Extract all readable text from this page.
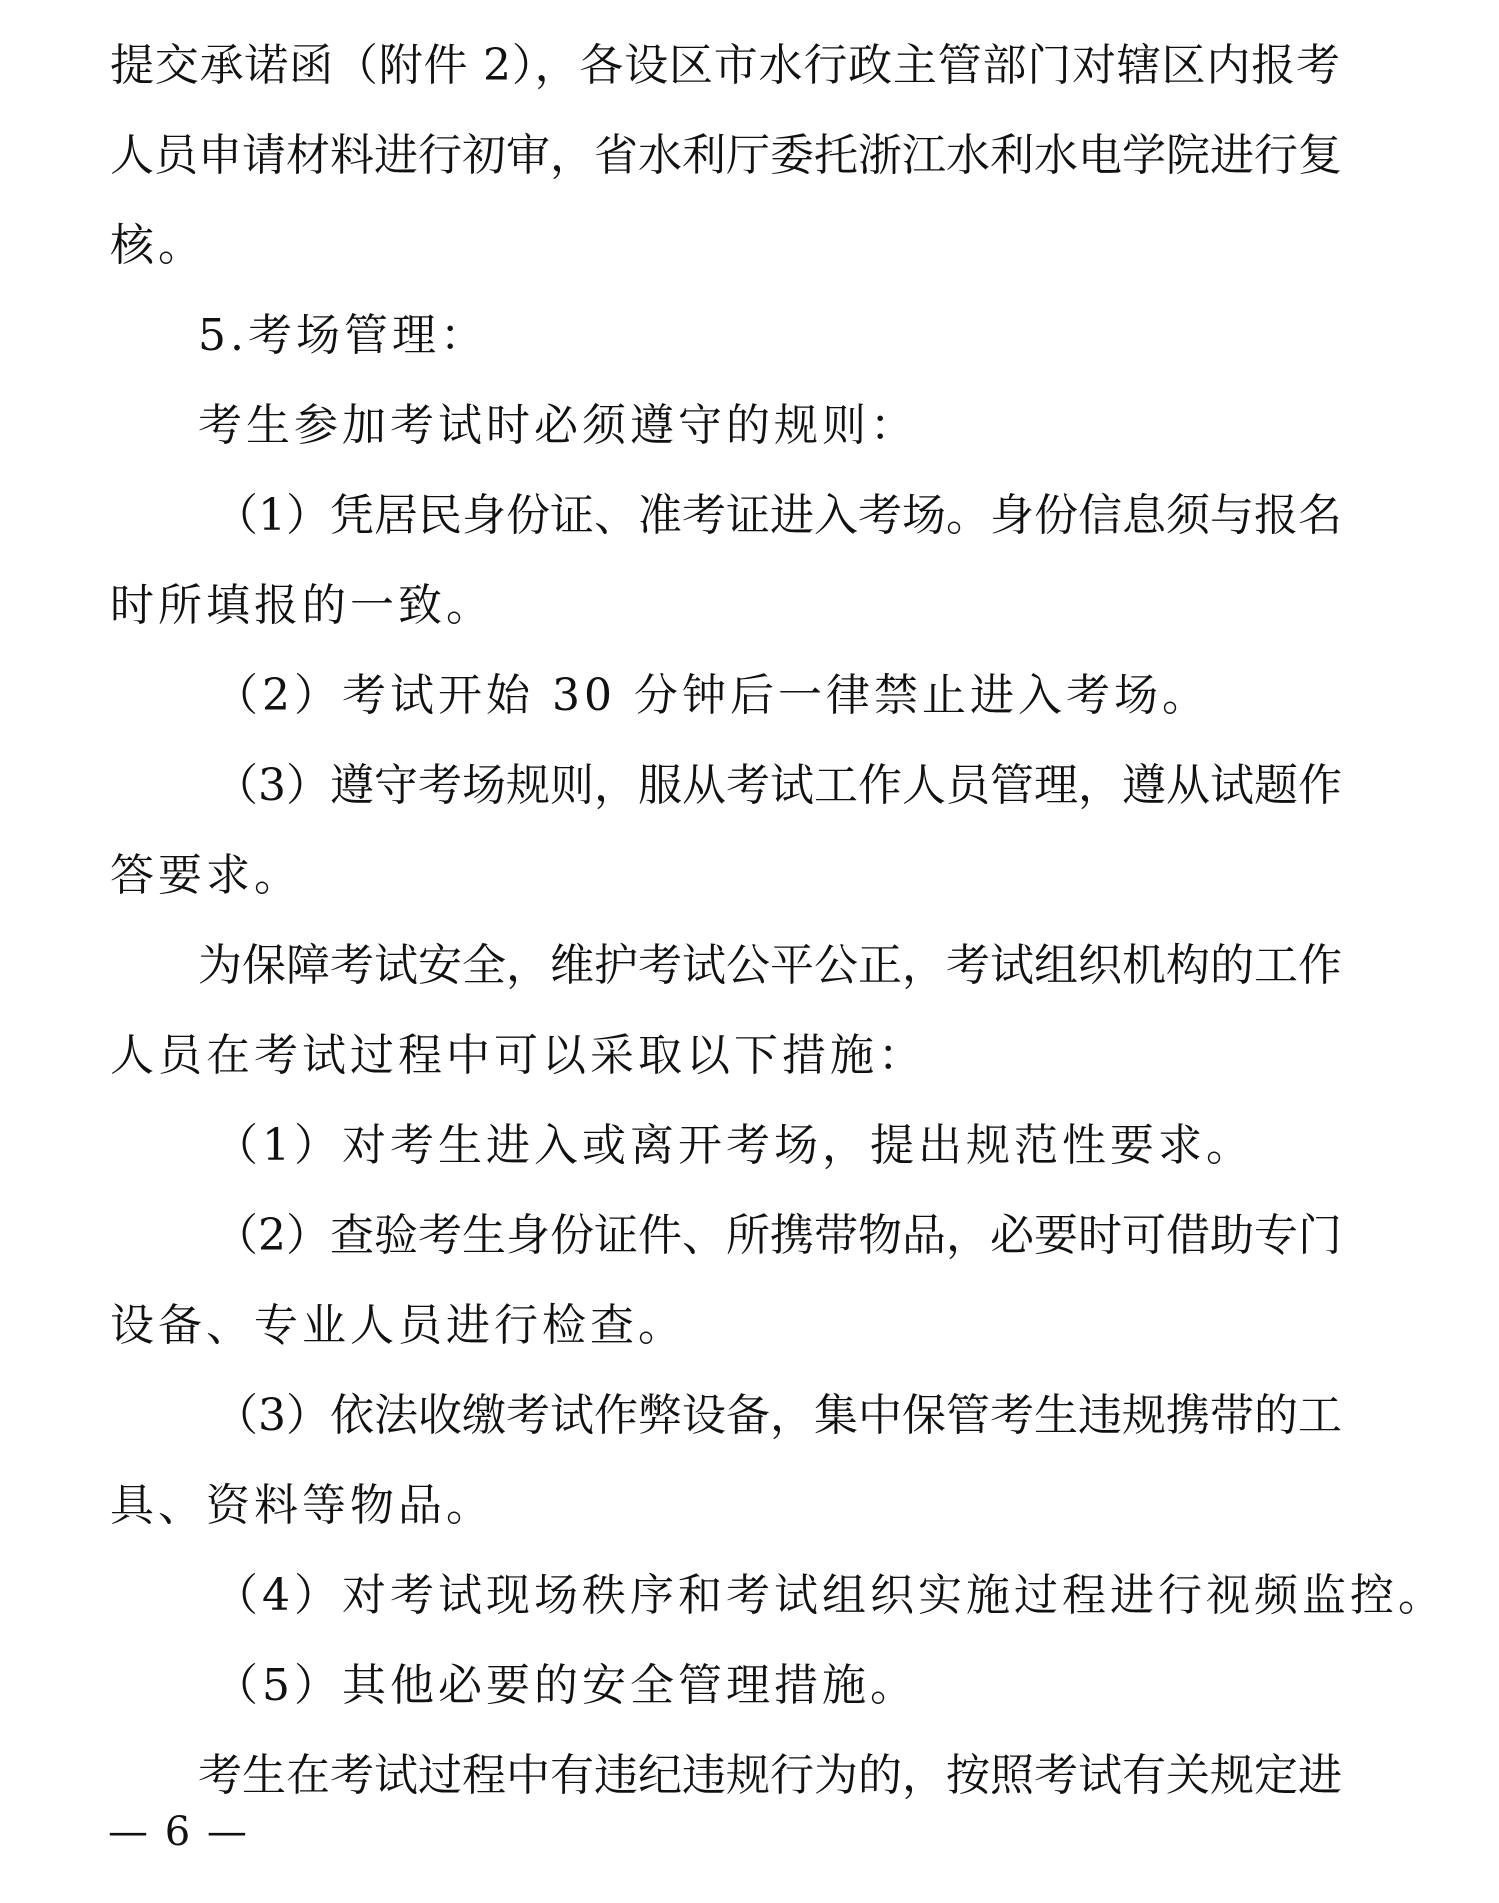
提交承诺函（附件 2），各设区市水行政主管部门对辖区内报考
人员申请材料进行初审，省水利厅委托浙江水利水电学院进行复
核。
5.考场管理：
考生参加考试时必须遵守的规则：
（1）凭居民身份证、准考证进入考场。身份信息须与报名
时所填报的一致。
（2）考试开始 30 分钟后一律禁止进入考场。
（3）遵守考场规则，服从考试工作人员管理，遵从试题作
答要求。
为保障考试安全，维护考试公平公正，考试组织机构的工作
人员在考试过程中可以采取以下措施：
（1）对考生进入或离开考场，提出规范性要求。
（2）查验考生身份证件、所携带物品，必要时可借助专门
设备、专业人员进行检查。
（3）依法收缴考试作弊设备，集中保管考生违规携带的工
具、资料等物品。
（4）对考试现场秩序和考试组织实施过程进行视频监控。
（5）其他必要的安全管理措施。
考生在考试过程中有违纪违规行为的，按照考试有关规定进
— 6 —
